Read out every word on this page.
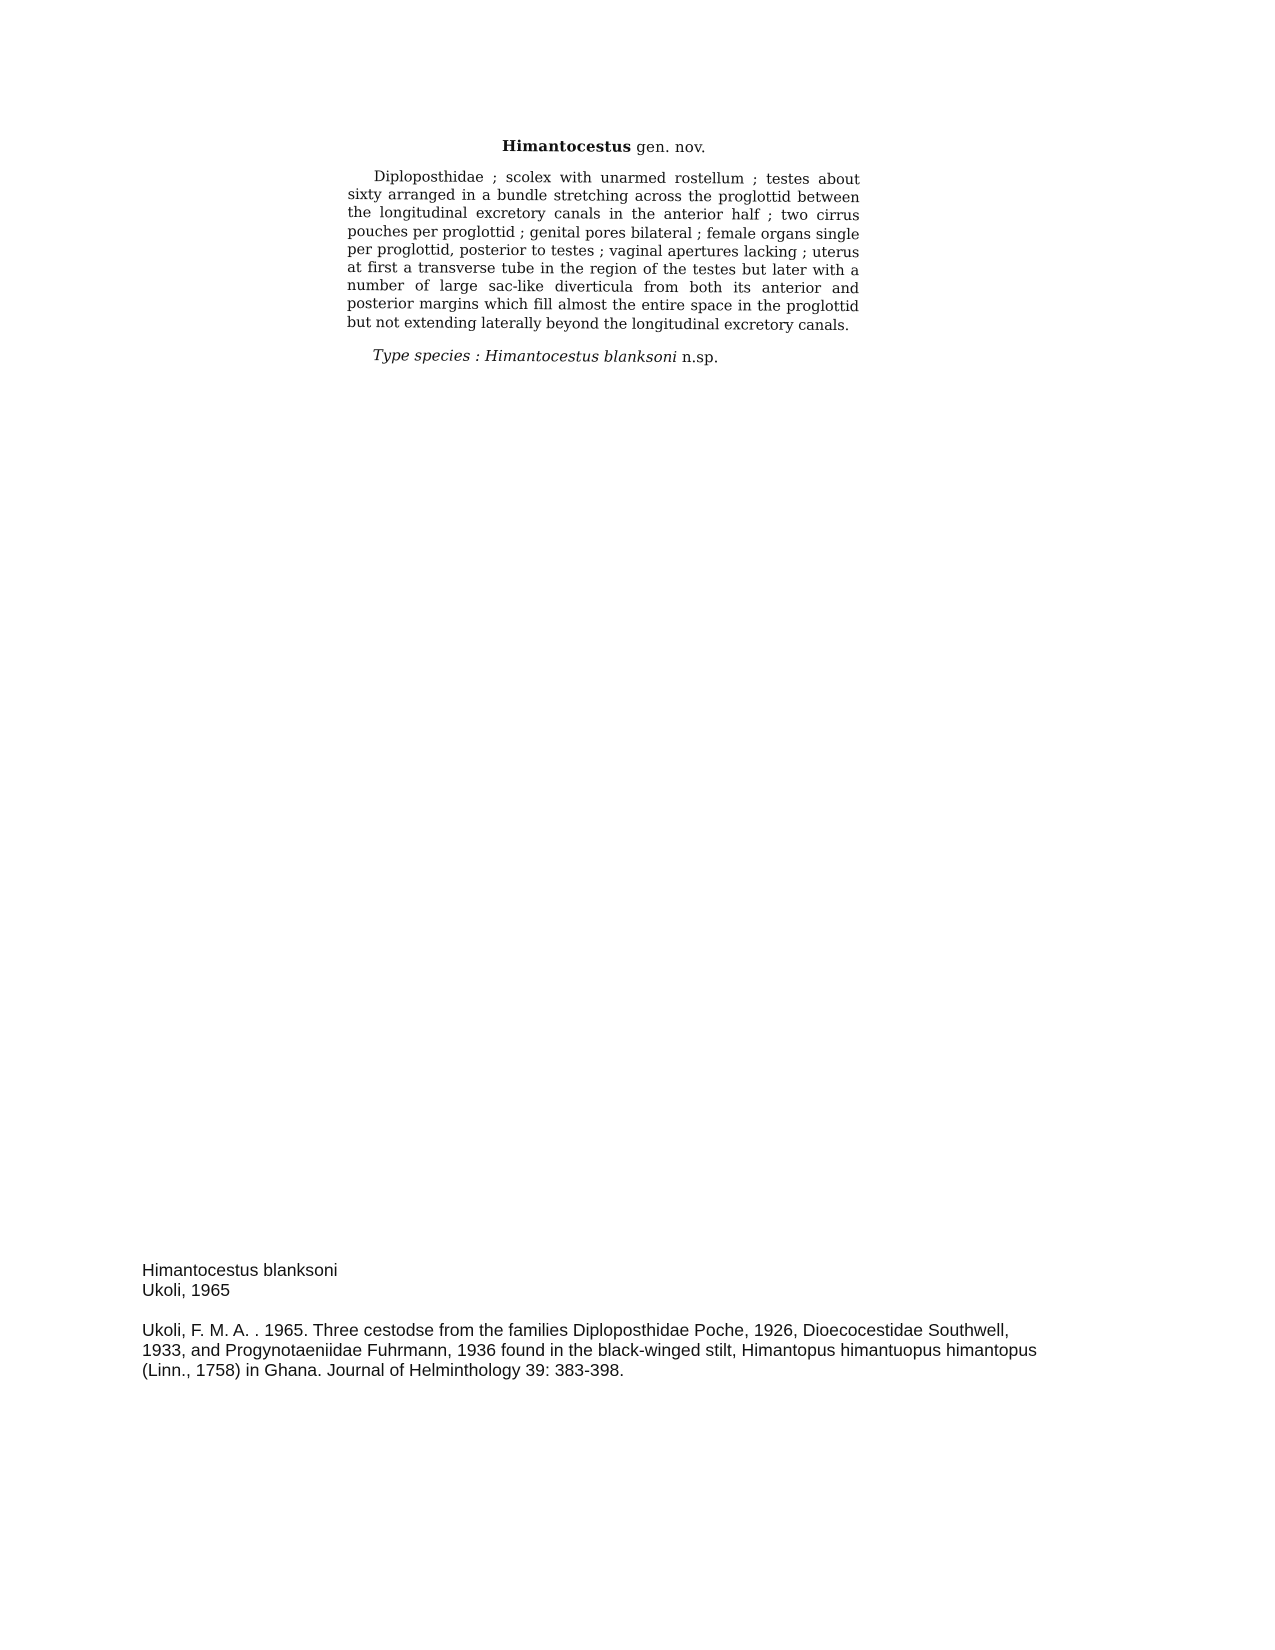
Himantocestus gen. nov.

Diploposthidae ; scolex with unarmed rostellum ; testes about sixty arranged in a bundle stretching across the proglottid between the longitudinal excretory canals in the anterior half ; two cirrus pouches per proglottid ; genital pores bilateral ; female organs single per proglottid, posterior to testes ; vaginal apertures lacking ; uterus at first a transverse tube in the region of the testes but later with a number of large sac-like diverticula from both its anterior and posterior margins which fill almost the entire space in the proglottid but not extending laterally beyond the longitudinal excretory canals.

Type species : Himantocestus blanksoni n.sp.
Himantocestus blanksoni
Ukoli, 1965
Ukoli, F. M. A. . 1965. Three cestodse from the families Diploposthidae Poche, 1926, Dioecocestidae Southwell, 1933, and Progynotaeniidae Fuhrmann, 1936 found in the black-winged stilt, Himantopus himantuopus himantopus (Linn., 1758) in Ghana. Journal of Helminthology 39: 383-398.
